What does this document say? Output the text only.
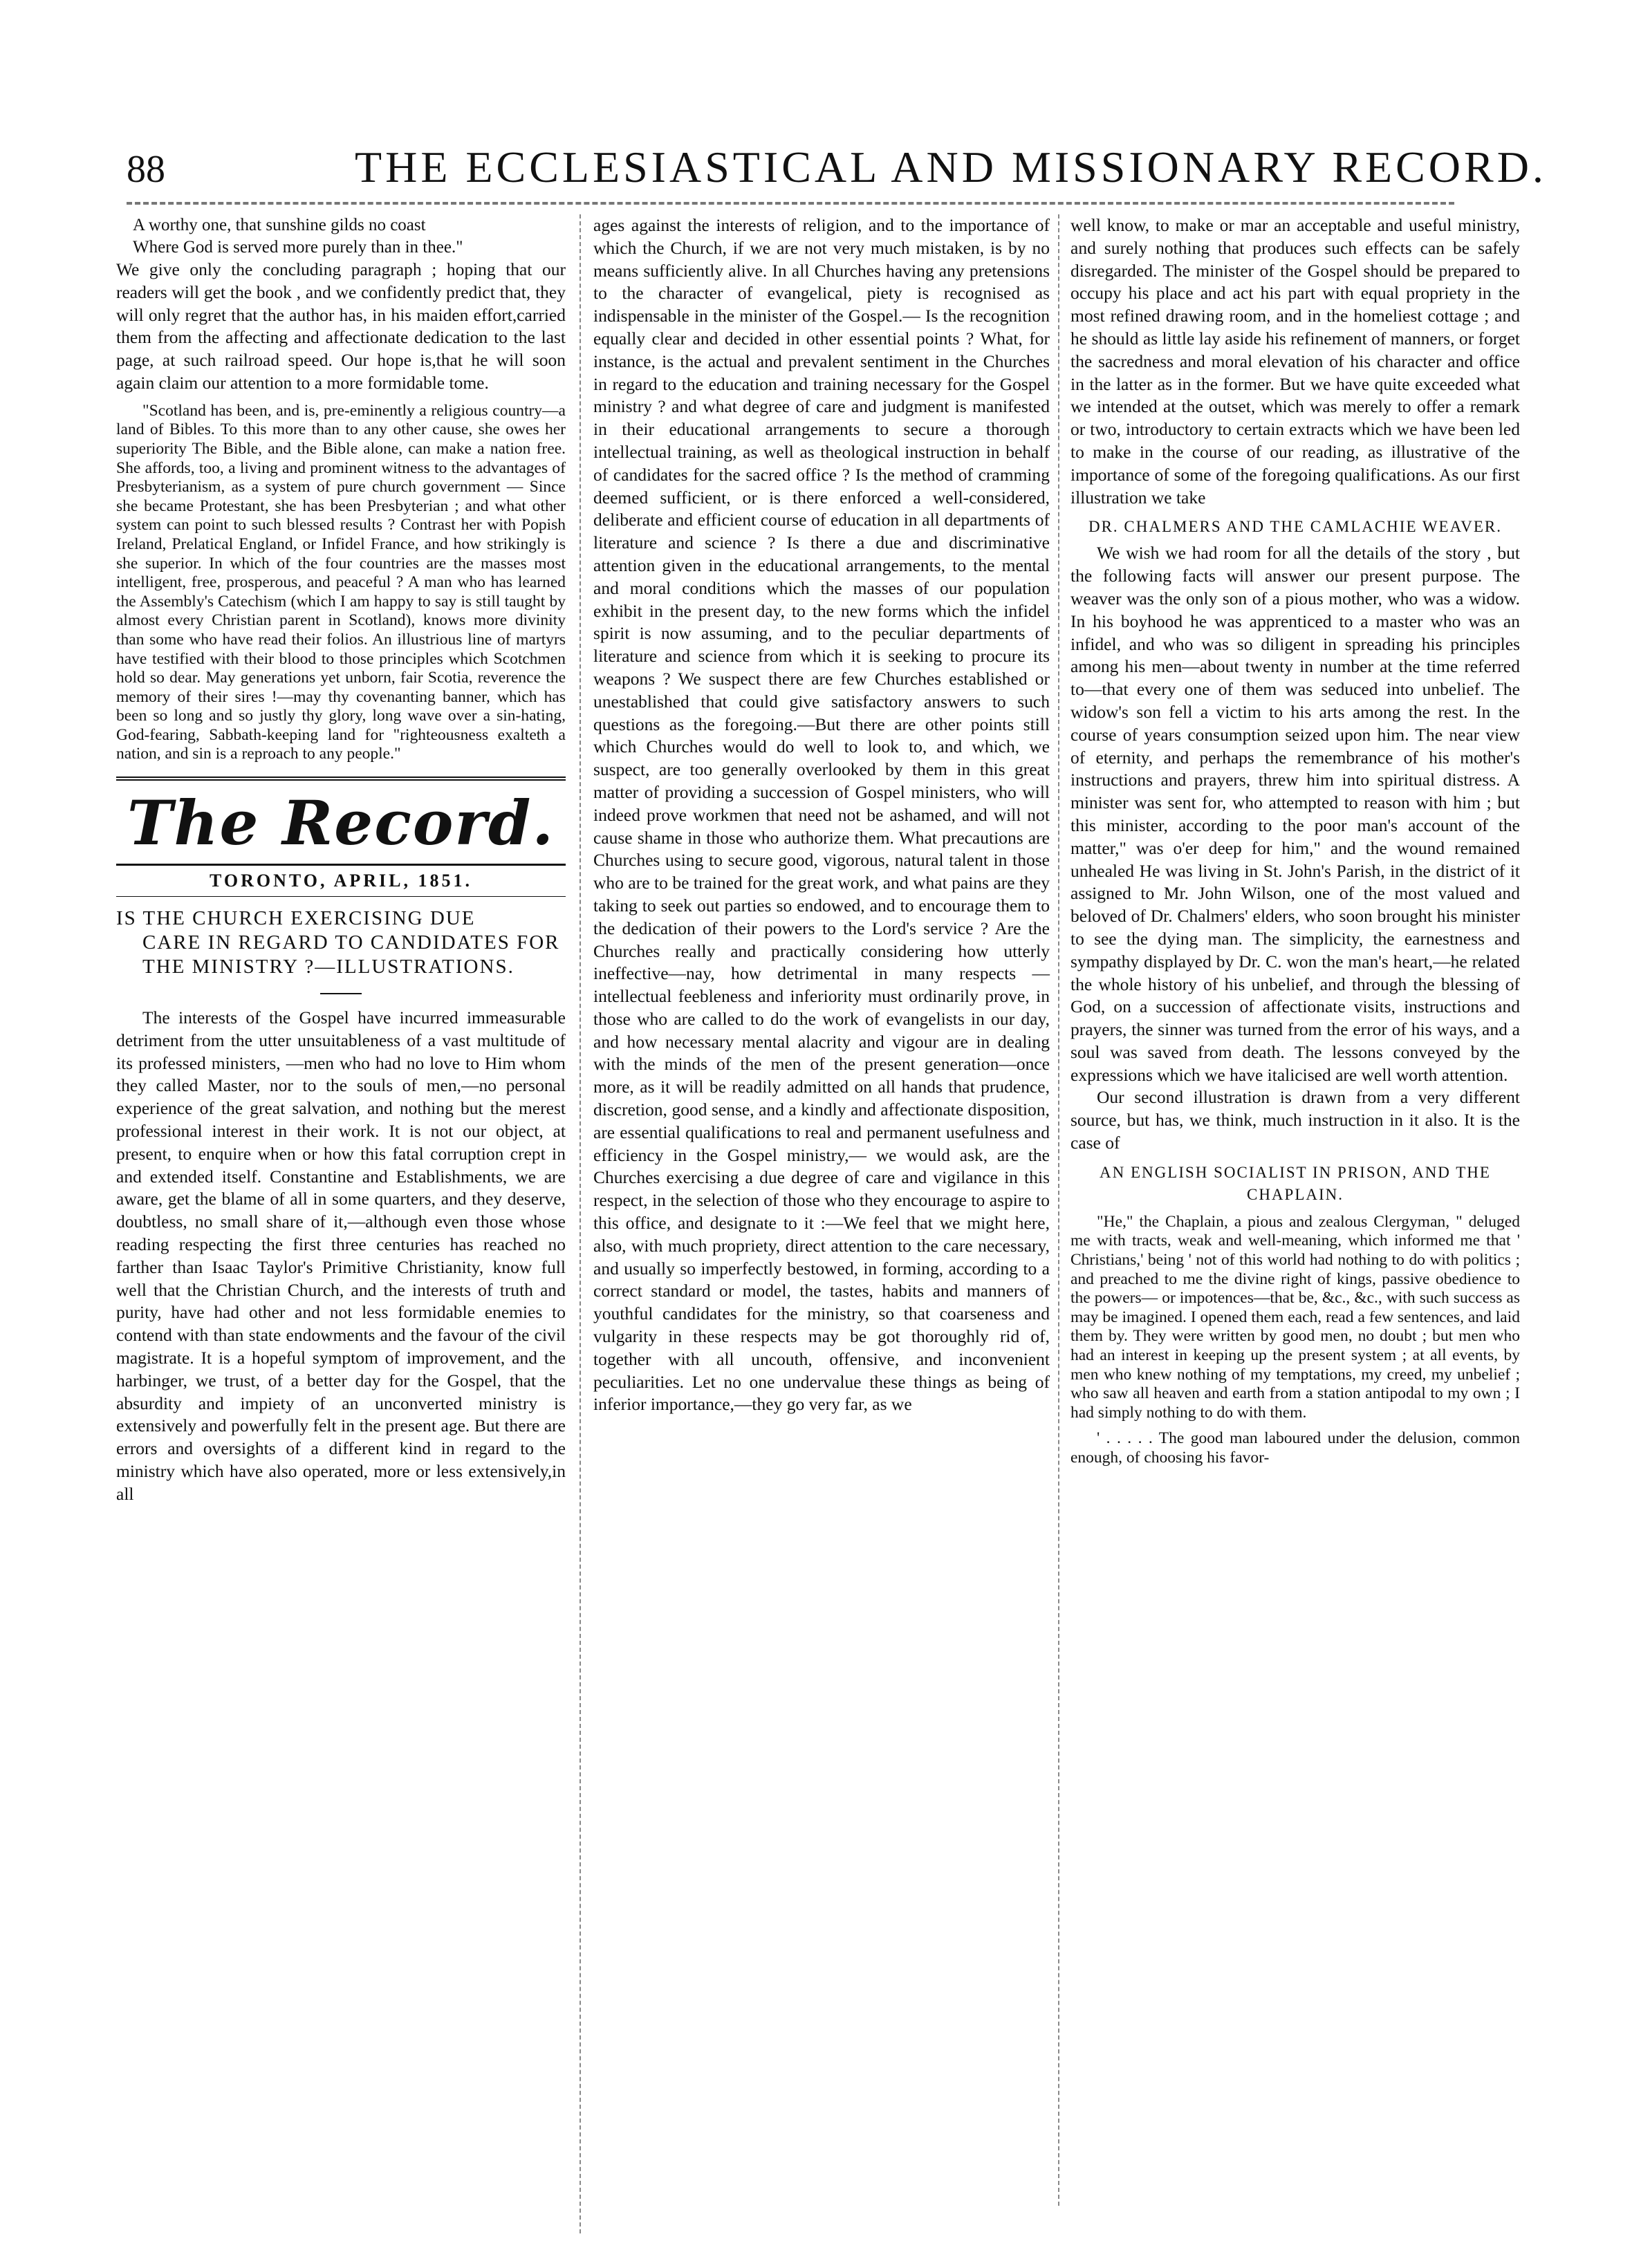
88	THE ECCLESIASTICAL AND MISSIONARY RECORD.

A worthy one, that sunshine gilds no coast

Where God is served more purely than in thee."

We give only the concluding paragraph ; hoping that our readers will get the book , and we confidently predict that, they will only regret that the author has, in his maiden effort,carried them from the affecting and affectionate dedication to the last page, at such railroad speed. Our hope is,that he will soon again claim our attention to a more formidable tome.

"Scotland has been, and is, pre-eminently a religious country—a land of Bibles. To this more than to any other cause, she owes her superiority The Bible, and the Bible alone, can make a nation free. She affords, too, a living and prominent witness to the advantages of Presbyterianism, as a system of pure church government — Since she became Protestant, she has been Presbyterian ; and what other system can point to such blessed results ? Contrast her with Popish Ireland, Prelatical England, or Infidel France, and how strikingly is she superior. In which of the four countries are the masses most intelligent, free, prosperous, and peaceful ? A man who has learned the Assembly's Catechism (which I am happy to say is still taught by almost every Christian parent in Scotland), knows more divinity than some who have read their folios. An illustrious line of martyrs have testified with their blood to those principles which Scotchmen hold so dear. May generations yet unborn, fair Scotia, reverence the memory of their sires !—may thy covenanting banner, which has been so long and so justly thy glory, long wave over a sin-hating, God-fearing, Sabbath-keeping land for "righteousness exalteth a nation, and sin is a reproach to any people."

The Record.
TORONTO, APRIL, 1851.
IS THE CHURCH EXERCISING DUE
CARE IN REGARD TO CANDIDATES FOR THE MINISTRY ?—ILLUSTRATIONS.

The interests of the Gospel have incurred immeasurable detriment from the utter unsuitableness of a vast multitude of its professed ministers, —men who had no love to Him whom they called Master, nor to the souls of men,—no personal experience of the great salvation, and nothing but the merest professional interest in their work. It is not our object, at present, to enquire when or how this fatal corruption crept in and extended itself. Constantine and Establishments, we are aware, get the blame of all in some quarters, and they deserve, doubtless, no small share of it,—although even those whose reading respecting the first three centuries has reached no farther than Isaac Taylor's Primitive Christianity, know full well that the Christian Church, and the interests of truth and purity, have had other and not less formidable enemies to contend with than state endowments and the favour of the civil magistrate. It is a hopeful symptom of improvement, and the harbinger, we trust, of a better day for the Gospel, that the absurdity and impiety of an unconverted ministry is extensively and powerfully felt in the present age. But there are errors and oversights of a different kind in regard to the ministry which have also operated, more or less extensively,in all

ages against the interests of religion, and to the importance of which the Church, if we are not very much mistaken, is by no means sufficiently alive. In all Churches having any pretensions to the character of evangelical, piety is recognised as indispensable in the minister of the Gospel.— Is the recognition equally clear and decided in other essential points ? What, for instance, is the actual and prevalent sentiment in the Churches in regard to the education and training necessary for the Gospel ministry ? and what degree of care and judgment is manifested in their educational arrangements to secure a thorough intellectual training, as well as theological instruction in behalf of candidates for the sacred office ? Is the method of cramming deemed sufficient, or is there enforced a well-considered, deliberate and efficient course of education in all departments of literature and science ? Is there a due and discriminative attention given in the educational arrangements, to the mental and moral conditions which the masses of our population exhibit in the present day, to the new forms which the infidel spirit is now assuming, and to the peculiar departments of literature and science from which it is seeking to procure its weapons ? We suspect there are few Churches established or unestablished that could give satisfactory answers to such questions as the foregoing.—But there are other points still which Churches would do well to look to, and which, we suspect, are too generally overlooked by them in this great matter of providing a succession of Gospel ministers, who will indeed prove workmen that need not be ashamed, and will not cause shame in those who authorize them. What precautions are Churches using to secure good, vigorous, natural talent in those who are to be trained for the great work, and what pains are they taking to seek out parties so endowed, and to encourage them to the dedication of their powers to the Lord's service ? Are the Churches really and practically considering how utterly ineffective—nay, how detrimental in many respects —intellectual feebleness and inferiority must ordinarily prove, in those who are called to do the work of evangelists in our day, and how necessary mental alacrity and vigour are in dealing with the minds of the men of the present generation—once more, as it will be readily admitted on all hands that prudence, discretion, good sense, and a kindly and affectionate disposition, are essential qualifications to real and permanent usefulness and efficiency in the Gospel ministry,— we would ask, are the Churches exercising a due degree of care and vigilance in this respect, in the selection of those who they encourage to aspire to this office, and designate to it :—We feel that we might here, also, with much propriety, direct attention to the care necessary, and usually so imperfectly bestowed, in forming, according to a correct standard or model, the tastes, habits and manners of youthful candidates for the ministry, so that coarseness and vulgarity in these respects may be got thoroughly rid of, together with all uncouth, offensive, and inconvenient peculiarities. Let no one undervalue these things as being of inferior importance,—they go very far, as we

well know, to make or mar an acceptable and useful ministry, and surely nothing that produces such effects can be safely disregarded. The minister of the Gospel should be prepared to occupy his place and act his part with equal propriety in the most refined drawing room, and in the homeliest cottage ; and he should as little lay aside his refinement of manners, or forget the sacredness and moral elevation of his character and office in the latter as in the former. But we have quite exceeded what we intended at the outset, which was merely to offer a remark or two, introductory to certain extracts which we have been led to make in the course of our reading, as illustrative of the importance of some of the foregoing qualifications. As our first illustration we take

DR. CHALMERS AND THE CAMLACHIE WEAVER.

We wish we had room for all the details of the story , but the following facts will answer our present purpose. The weaver was the only son of a pious mother, who was a widow. In his boyhood he was apprenticed to a master who was an infidel, and who was so diligent in spreading his principles among his men—about twenty in number at the time referred to—that every one of them was seduced into unbelief. The widow's son fell a victim to his arts among the rest. In the course of years consumption seized upon him. The near view of eternity, and perhaps the remembrance of his mother's instructions and prayers, threw him into spiritual distress. A minister was sent for, who attempted to reason with him ; but this minister, according to the poor man's account of the matter," was o'er deep for him," and the wound remained unhealed He was living in St. John's Parish, in the district of it assigned to Mr. John Wilson, one of the most valued and beloved of Dr. Chalmers' elders, who soon brought his minister to see the dying man. The simplicity, the earnestness and sympathy displayed by Dr. C. won the man's heart,—he related the whole history of his unbelief, and through the blessing of God, on a succession of affectionate visits, instructions and prayers, the sinner was turned from the error of his ways, and a soul was saved from death. The lessons conveyed by the expressions which we have italicised are well worth attention.

Our second illustration is drawn from a very different source, but has, we think, much instruction in it also. It is the case of

AN ENGLISH SOCIALIST IN PRISON, AND THE CHAPLAIN.

"He," the Chaplain, a pious and zealous Clergyman, " deluged me with tracts, weak and well-meaning, which informed me that ' Christians,' being ' not of this world had nothing to do with politics ; and preached to me the divine right of kings, passive obedience to the powers— or impotences—that be, &c., &c., with such success as may be imagined. I opened them each, read a few sentences, and laid them by. They were written by good men, no doubt ; but men who had an interest in keeping up the present system ; at all events, by men who knew nothing of my temptations, my creed, my unbelief ; who saw all heaven and earth from a station antipodal to my own ; I had simply nothing to do with them.

' . . . . . The good man laboured under the delusion, common enough, of choosing his favor-
